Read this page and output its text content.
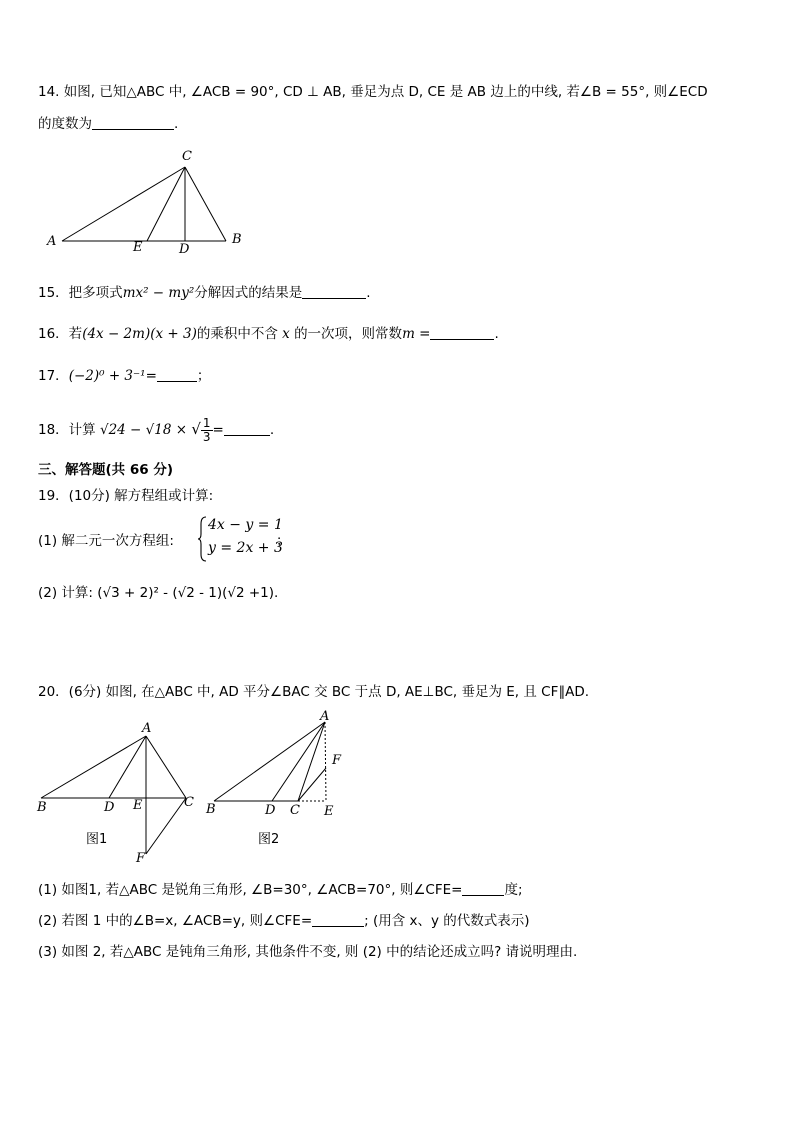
14. 如图, 已知△ABC 中, ∠ACB = 90°, CD ⊥ AB, 垂足为点 D, CE 是 AB 边上的中线, 若∠B = 55°, 则∠ECD
的度数为	.
A	B
C
D
E
15．把多项式mx² − my²分解因式的结果是	.
16．若(4x − 2m)(x + 3)的乘积中不含 x 的一次项，则常数m =	.
17．(−2)⁰ + 3⁻¹=	；
18．计算 √24 − √18 × √ $\frac{1}{3}$ =	.
三、解答题(共 66 分)
19．(10分) 解方程组或计算:
(1) 解二元一次方程组:
4x − y = 1
y = 2x + 3
；
(2) 计算: (√3 + 2)² - (√2 - 1)(√2 +1).
20．(6分) 如图, 在△ABC 中, AD 平分∠BAC 交 BC 于点 D, AE⊥BC, 垂足为 E, 且 CF∥AD.
A
B	C
D E
F
图1
A
B	C
D	E
F
图2
(1) 如图1, 若△ABC 是锐角三角形, ∠B=30°, ∠ACB=70°, 则∠CFE=	度;
(2) 若图 1 中的∠B=x, ∠ACB=y, 则∠CFE=	; (用含 x、y 的代数式表示)
(3) 如图 2, 若△ABC 是钝角三角形, 其他条件不变, 则 (2) 中的结论还成立吗? 请说明理由.
